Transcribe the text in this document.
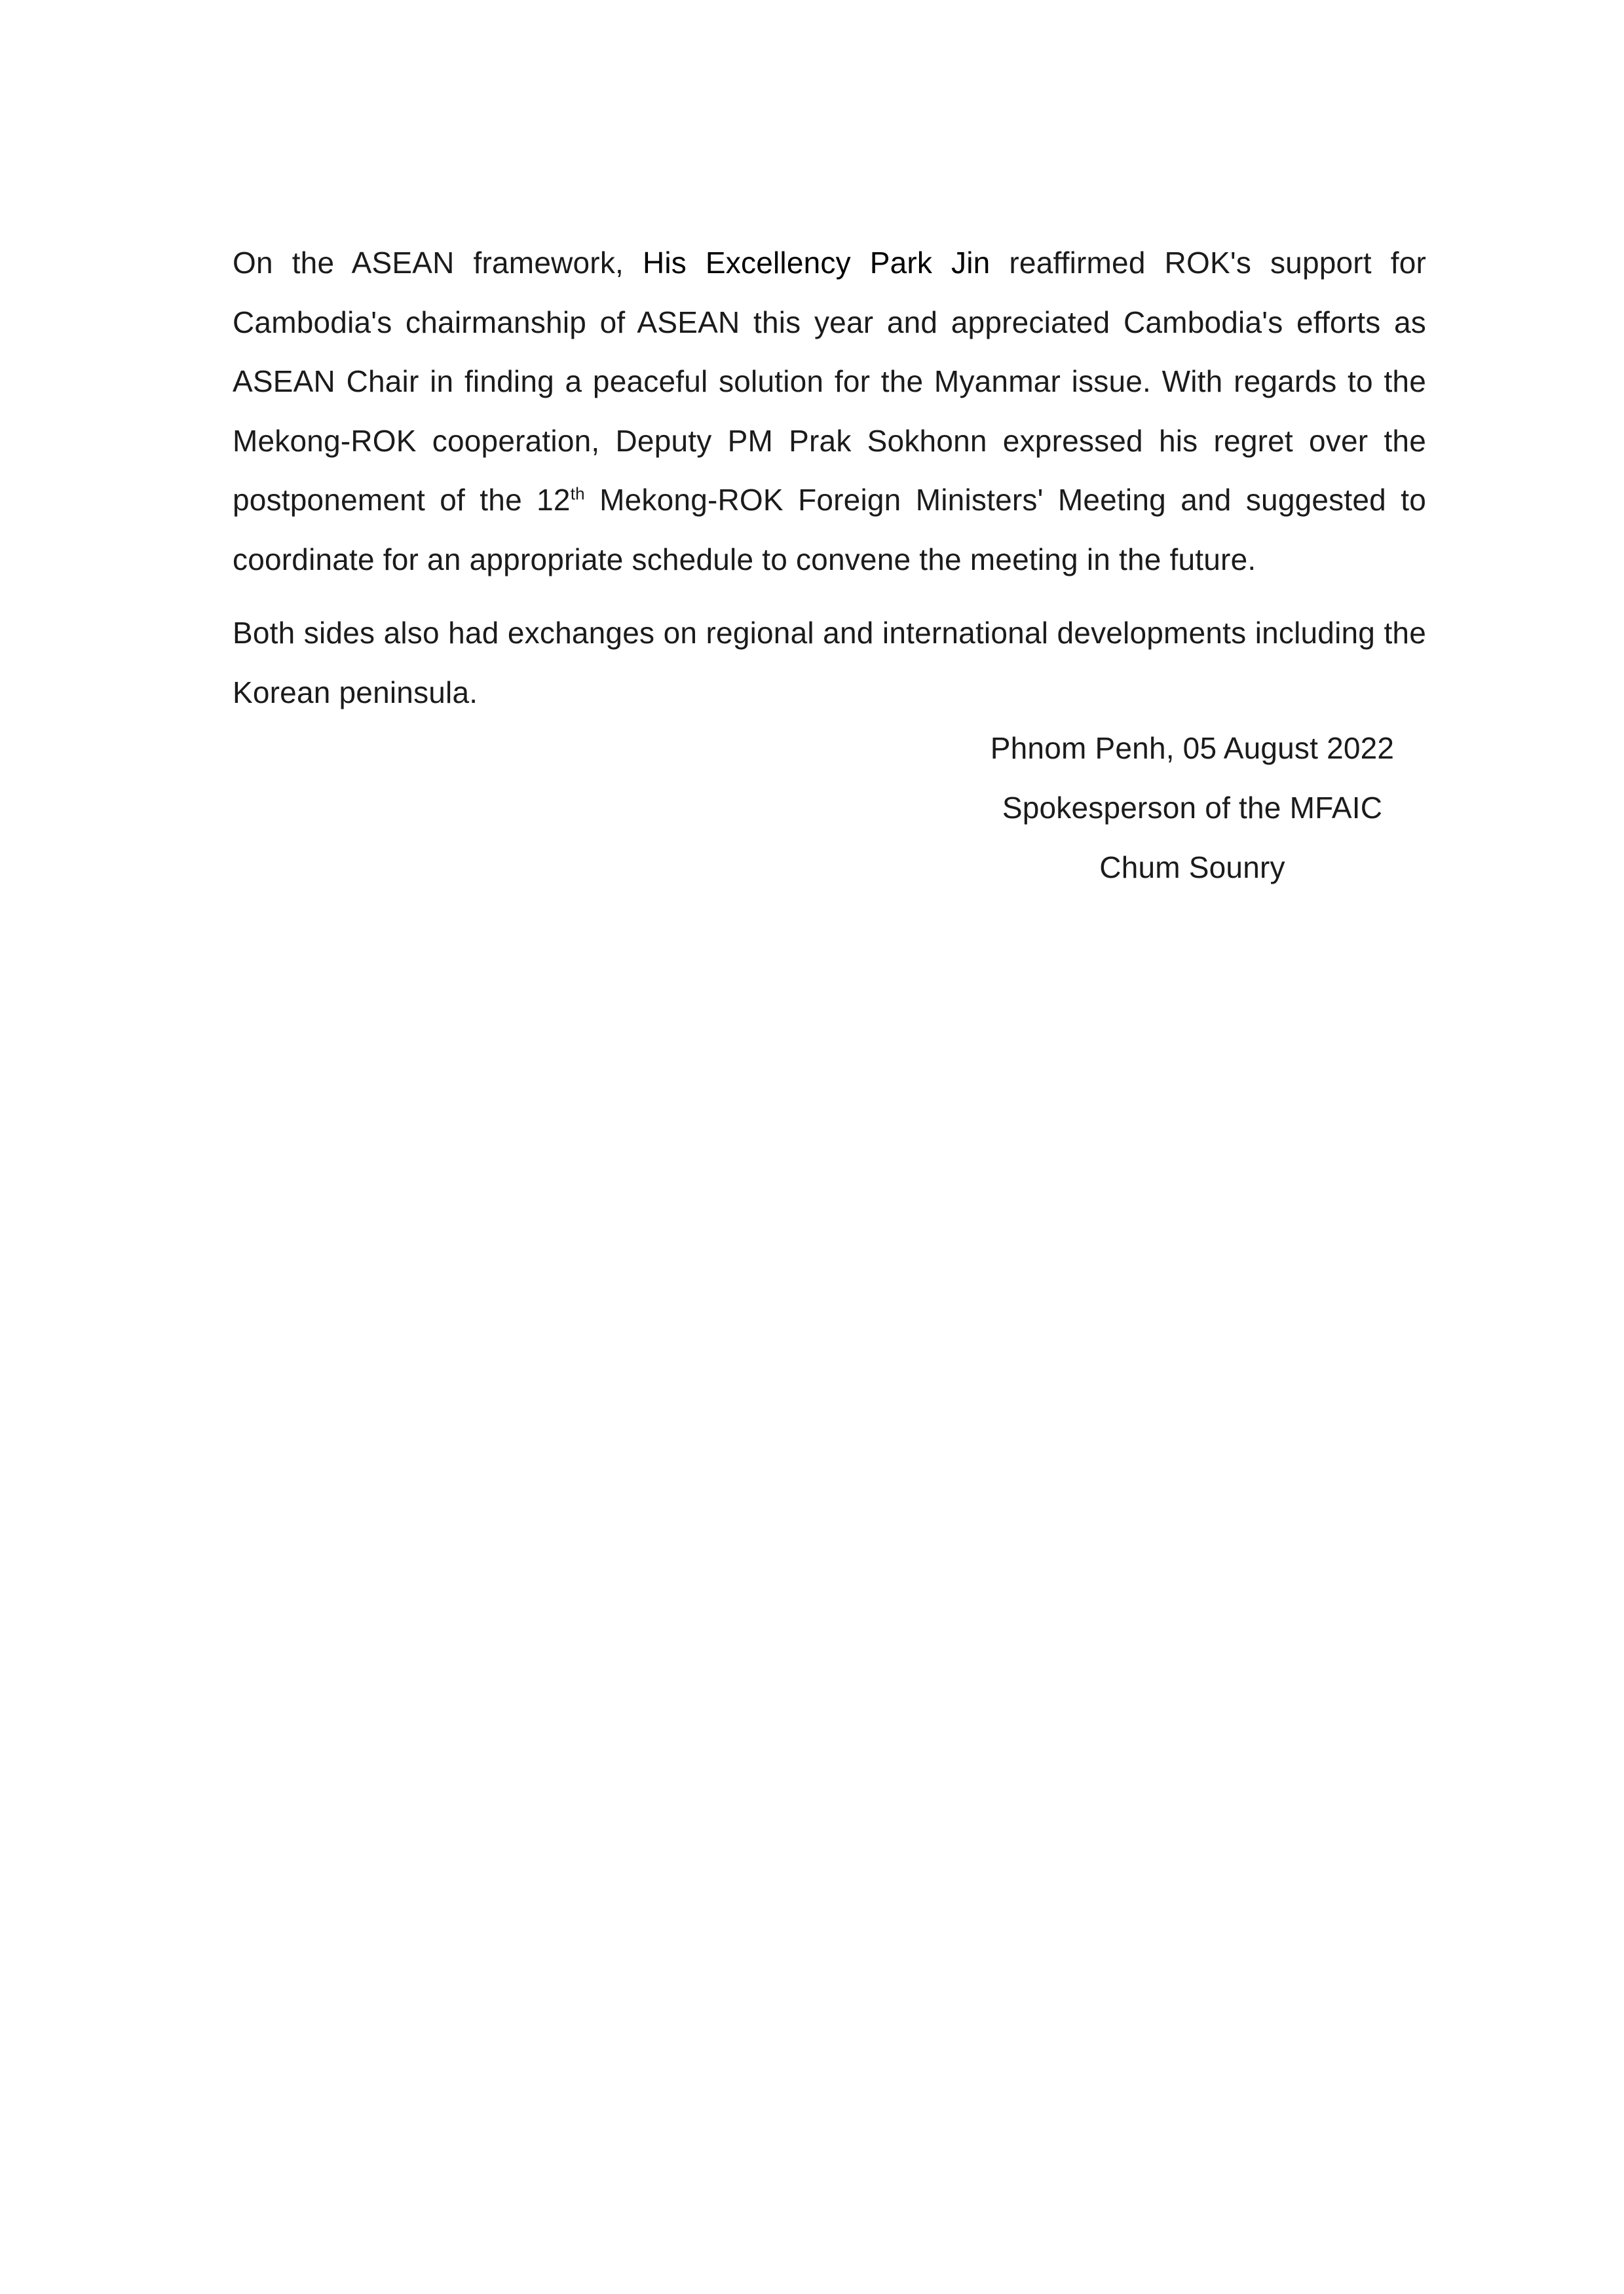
On the ASEAN framework, His Excellency Park Jin reaffirmed ROK's support for Cambodia's chairmanship of ASEAN this year and appreciated Cambodia's efforts as ASEAN Chair in finding a peaceful solution for the Myanmar issue. With regards to the Mekong-ROK cooperation, Deputy PM Prak Sokhonn expressed his regret over the postponement of the 12th Mekong-ROK Foreign Ministers' Meeting and suggested to coordinate for an appropriate schedule to convene the meeting in the future.

Both sides also had exchanges on regional and international developments including the Korean peninsula.

Phnom Penh, 05 August 2022
Spokesperson of the MFAIC
Chum Sounry
